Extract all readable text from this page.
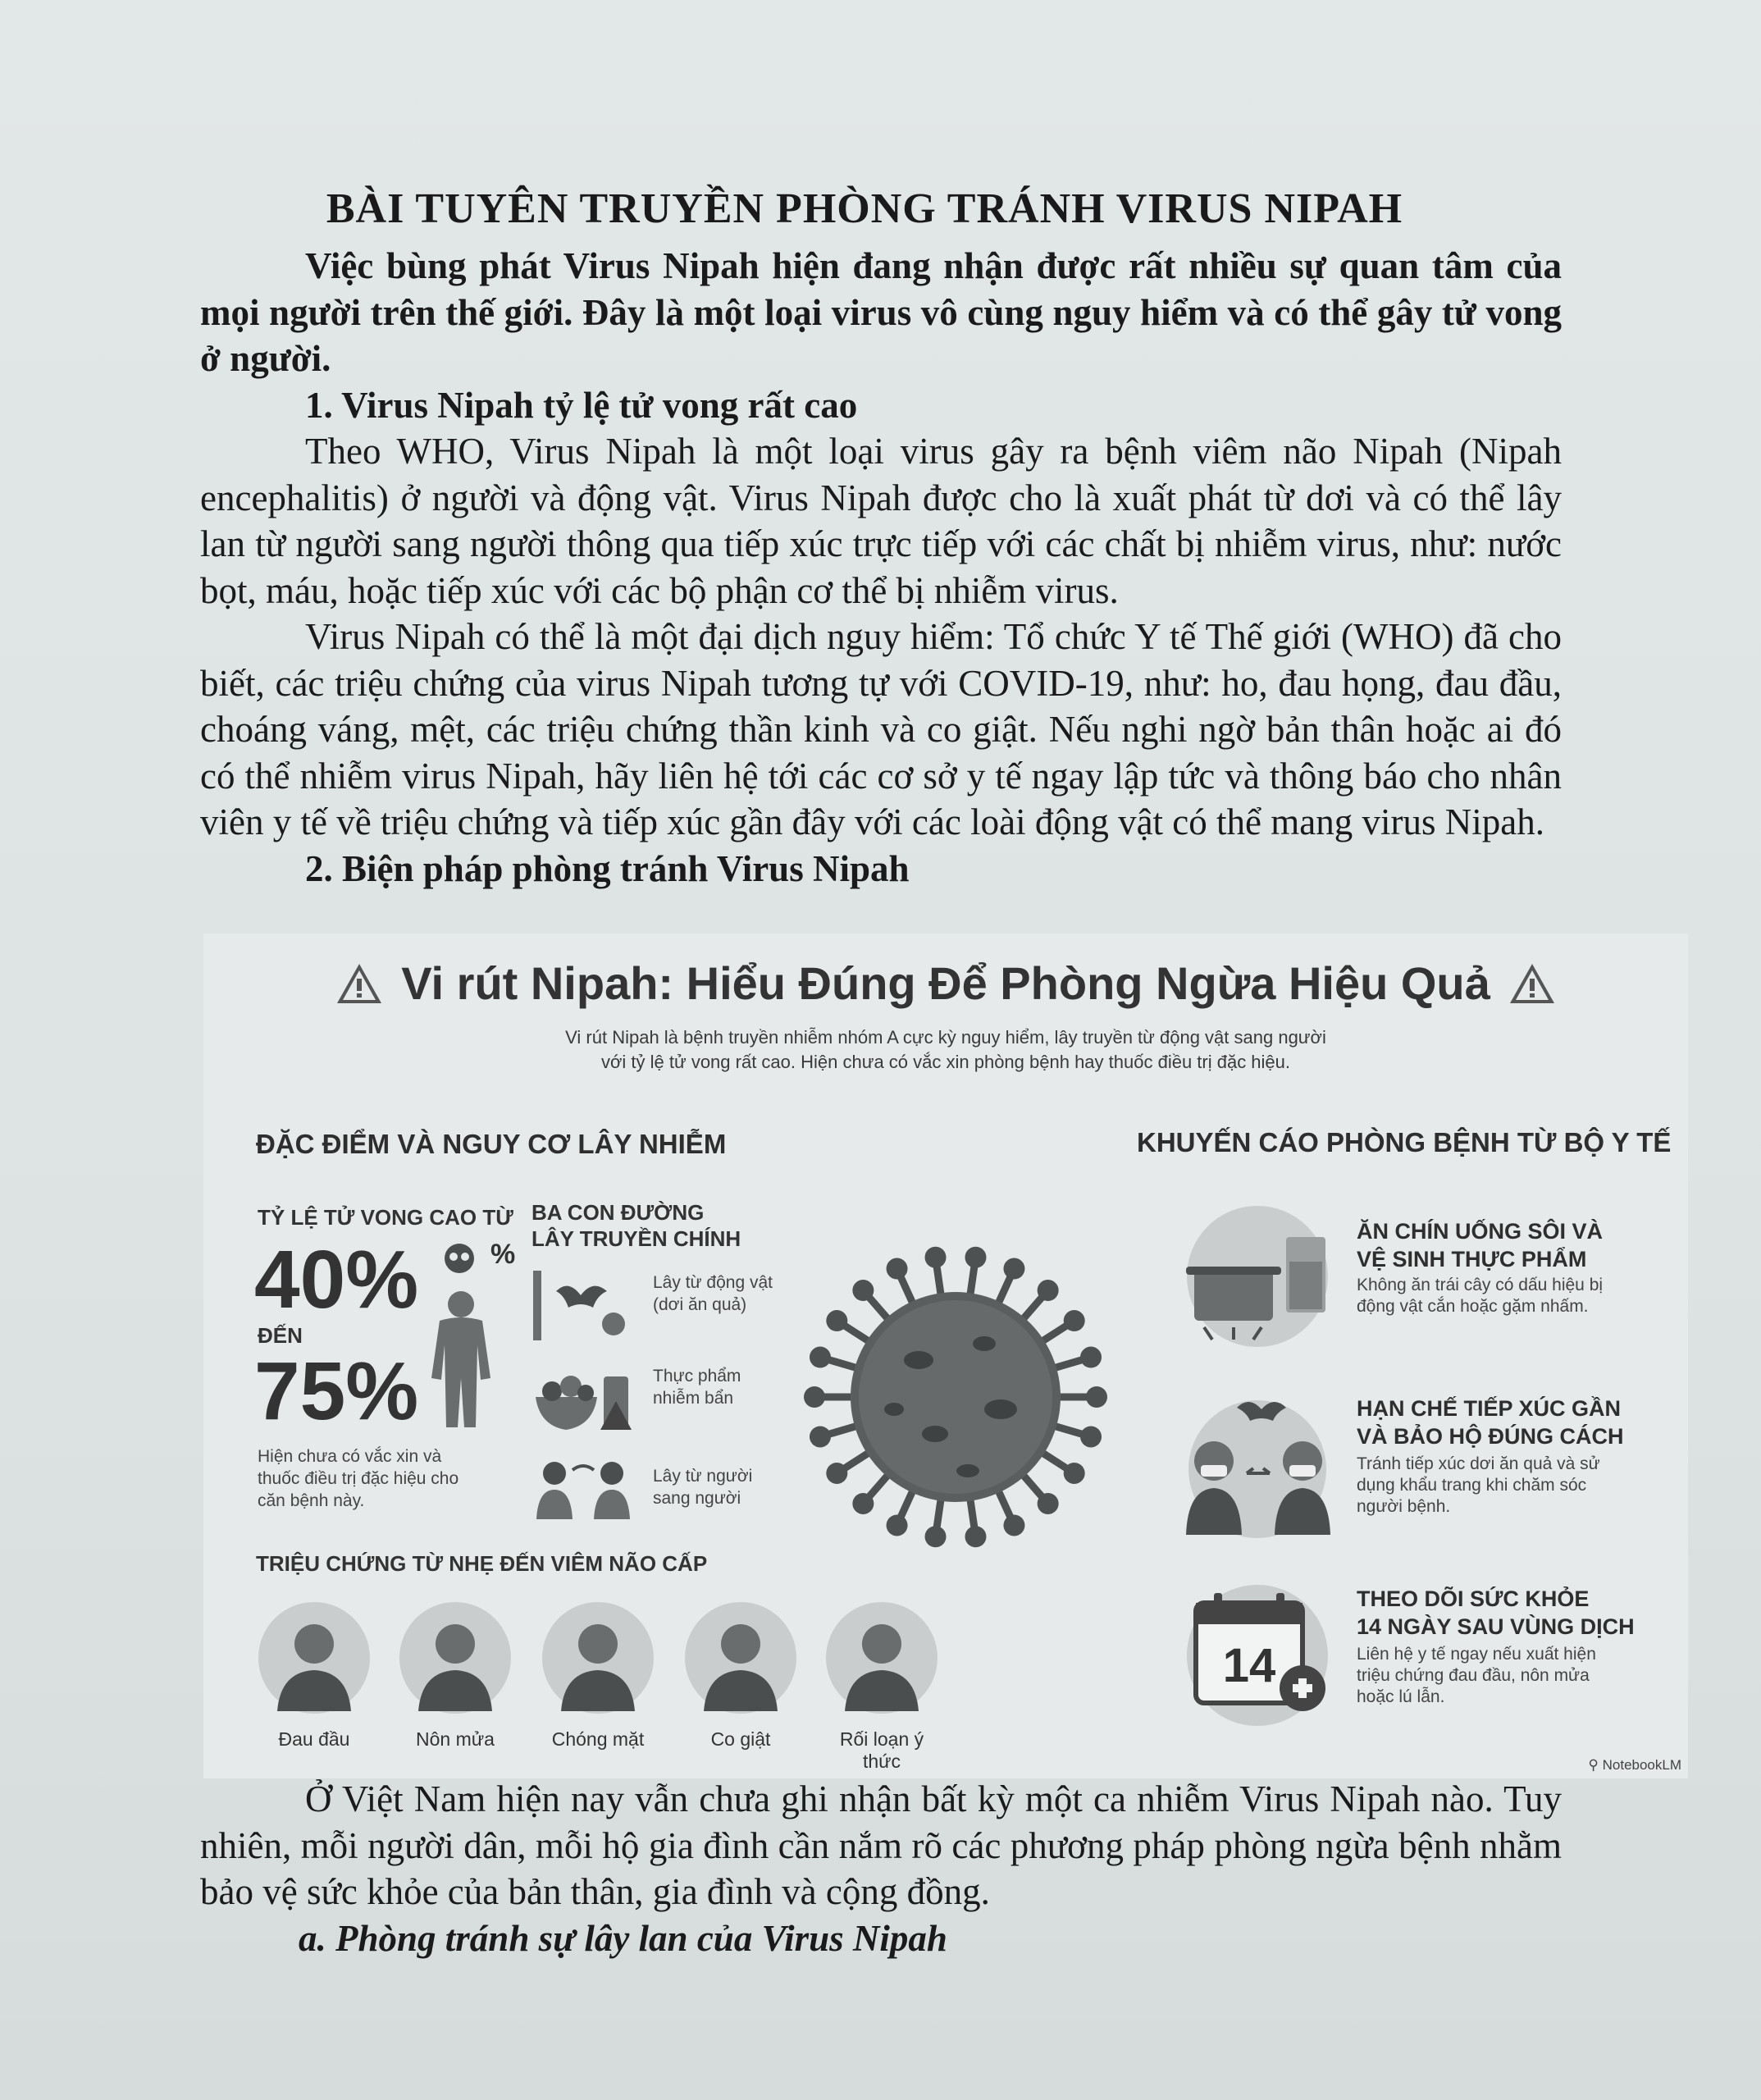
BÀI TUYÊN TRUYỀN PHÒNG TRÁNH VIRUS NIPAH

Việc bùng phát Virus Nipah hiện đang nhận được rất nhiều sự quan tâm của mọi người trên thế giới. Đây là một loại virus vô cùng nguy hiểm và có thể gây tử vong ở người.

1. Virus Nipah tỷ lệ tử vong rất cao

Theo WHO, Virus Nipah là một loại virus gây ra bệnh viêm não Nipah (Nipah encephalitis) ở người và động vật. Virus Nipah được cho là xuất phát từ dơi và có thể lây lan từ người sang người thông qua tiếp xúc trực tiếp với các chất bị nhiễm virus, như: nước bọt, máu, hoặc tiếp xúc với các bộ phận cơ thể bị nhiễm virus.

Virus Nipah có thể là một đại dịch nguy hiểm: Tổ chức Y tế Thế giới (WHO) đã cho biết, các triệu chứng của virus Nipah tương tự với COVID-19, như: ho, đau họng, đau đầu, choáng váng, mệt, các triệu chứng thần kinh và co giật. Nếu nghi ngờ bản thân hoặc ai đó có thể nhiễm virus Nipah, hãy liên hệ tới các cơ sở y tế ngay lập tức và thông báo cho nhân viên y tế về triệu chứng và tiếp xúc gần đây với các loài động vật có thể mang virus Nipah.

2. Biện pháp phòng tránh Virus Nipah

Vi rút Nipah: Hiểu Đúng Để Phòng Ngừa Hiệu Quả
Vi rút Nipah là bệnh truyền nhiễm nhóm A cực kỳ nguy hiểm, lây truyền từ động vật sang người
với tỷ lệ tử vong rất cao. Hiện chưa có vắc xin phòng bệnh hay thuốc điều trị đặc hiệu.
ĐẶC ĐIỂM VÀ NGUY CƠ LÂY NHIỄM	KHUYẾN CÁO PHÒNG BỆNH TỪ BỘ Y TẾ
TỶ LỆ TỬ VONG CAO TỪ
40%
ĐẾN
75%
Hiện chưa có vắc xin và thuốc điều trị đặc hiệu cho căn bệnh này.
%
BA CON ĐƯỜNG
LÂY TRUYỀN CHÍNH
Lây từ động vật
(dơi ăn quả)
Thực phẩm
nhiễm bẩn
Lây từ người
sang người
TRIỆU CHỨNG TỪ NHẸ ĐẾN VIÊM NÃO CẤP
Đau đầu	Nôn mửa	Chóng mặt	Co giật	Rối loạn ý thức
ĂN CHÍN UỐNG SÔI VÀ
VỆ SINH THỰC PHẨM
Không ăn trái cây có dấu hiệu bị
động vật cắn hoặc gặm nhấm.
HẠN CHẾ TIẾP XÚC GẦN
VÀ BẢO HỘ ĐÚNG CÁCH
Tránh tiếp xúc dơi ăn quả và sử
dụng khẩu trang khi chăm sóc
người bệnh.
14
THEO DÕI SỨC KHỎE
14 NGÀY SAU VÙNG DỊCH
Liên hệ y tế ngay nếu xuất hiện
triệu chứng đau đầu, nôn mửa
hoặc lú lẫn.
⚲ NotebookLM

Ở Việt Nam hiện nay vẫn chưa ghi nhận bất kỳ một ca nhiễm Virus Nipah nào. Tuy nhiên, mỗi người dân, mỗi hộ gia đình cần nắm rõ các phương pháp phòng ngừa bệnh nhằm bảo vệ sức khỏe của bản thân, gia đình và cộng đồng.

a. Phòng tránh sự lây lan của Virus Nipah
